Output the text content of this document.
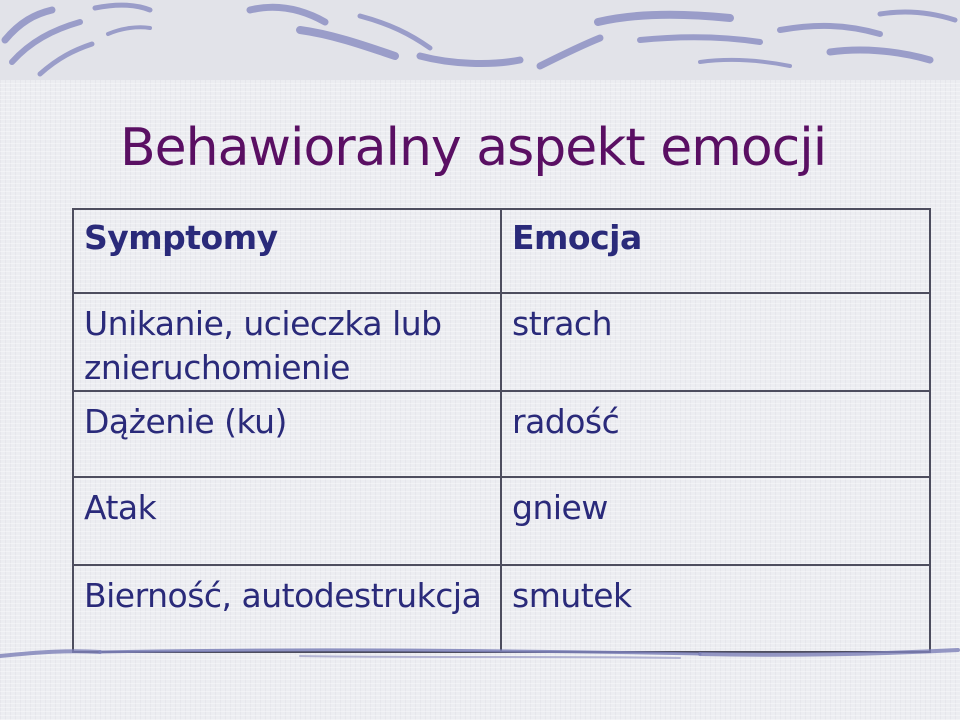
Behawioralny aspekt emocji
Symptomy	Emocja
Unikanie, ucieczka lub znieruchomienie	strach
Dążenie (ku)	radość
Atak	gniew
Bierność, autodestrukcja	smutek
